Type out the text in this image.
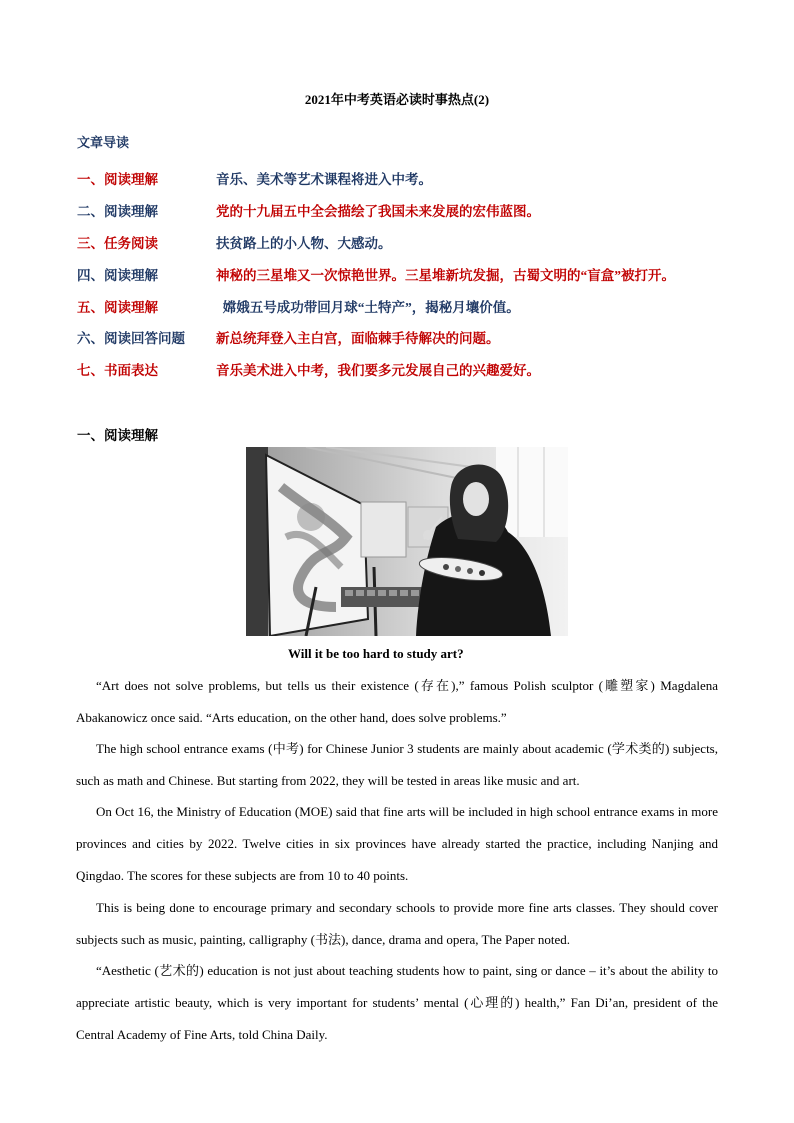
2021年中考英语必读时事热点(2)
文章导读
一、阅读理解	音乐、美术等艺术课程将进入中考。
二、阅读理解	党的十九届五中全会描绘了我国未来发展的宏伟蓝图。
三、任务阅读	扶贫路上的小人物、大感动。
四、阅读理解	神秘的三星堆又一次惊艳世界。三星堆新坑发掘，古蜀文明的“盲盒”被打开。
五、阅读理解	嫦娥五号成功带回月球“土特产”，揭秘月壤价值。
六、阅读回答问题 新总统拜登入主白宫，面临棘手待解决的问题。
七、书面表达	音乐美术进入中考，我们要多元发展自己的兴趣爱好。
一、阅读理解
Will it be too hard to study art?

“Art does not solve problems, but tells us their existence (存在),” famous Polish sculptor (雕塑家) Magdalena Abakanowicz once said. “Arts education, on the other hand, does solve problems.”

The high school entrance exams (中考) for Chinese Junior 3 students are mainly about academic (学术类的) subjects, such as math and Chinese. But starting from 2022, they will be tested in areas like music and art.

On Oct 16, the Ministry of Education (MOE) said that fine arts will be included in high school entrance exams in more provinces and cities by 2022. Twelve cities in six provinces have already started the practice, including Nanjing and Qingdao. The scores for these subjects are from 10 to 40 points.

This is being done to encourage primary and secondary schools to provide more fine arts classes. They should cover subjects such as music, painting, calligraphy (书法), dance, drama and opera, The Paper noted.

“Aesthetic (艺术的) education is not just about teaching students how to paint, sing or dance – it’s about the ability to appreciate artistic beauty, which is very important for students’ mental (心理的) health,” Fan Di’an, president of the Central Academy of Fine Arts, told China Daily.
